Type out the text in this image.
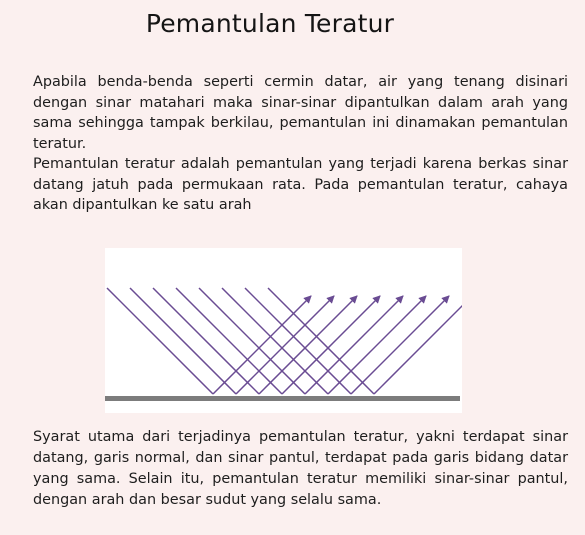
Pemantulan Teratur
Apabila benda-benda seperti cermin datar, air yang tenang disinari dengan sinar matahari maka sinar-sinar dipantulkan dalam arah yang sama sehingga tampak berkilau, pemantulan ini dinamakan pemantulan teratur.
Pemantulan teratur adalah pemantulan yang terjadi karena berkas sinar datang jatuh pada permukaan rata. Pada pemantulan teratur, cahaya akan dipantulkan ke satu arah
Syarat utama dari terjadinya pemantulan teratur, yakni terdapat sinar datang, garis normal, dan sinar pantul, terdapat pada garis bidang datar yang sama. Selain itu, pemantulan teratur memiliki sinar-sinar pantul, dengan arah dan besar sudut yang selalu sama.
